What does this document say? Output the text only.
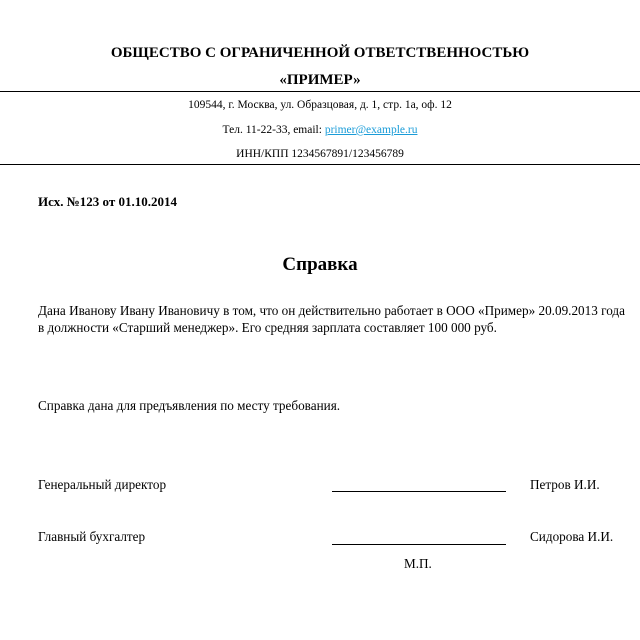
ОБЩЕСТВО С ОГРАНИЧЕННОЙ ОТВЕТСТВЕННОСТЬЮ
«ПРИМЕР»
109544, г. Москва, ул. Образцовая, д. 1, стр. 1а, оф. 12
Тел. 11-22-33, email: primer@example.ru
ИНН/КПП 1234567891/123456789
Исх. №123 от 01.10.2014
Справка
Дана Иванову Ивану Ивановичу в том, что он действительно работает в ООО «Пример» 20.09.2013 года в должности «Старший менеджер». Его средняя зарплата составляет 100 000 руб.
Справка дана для предъявления по месту требования.
Генеральный директор	Петров И.И.
Главный бухгалтер	Сидорова И.И.
М.П.
